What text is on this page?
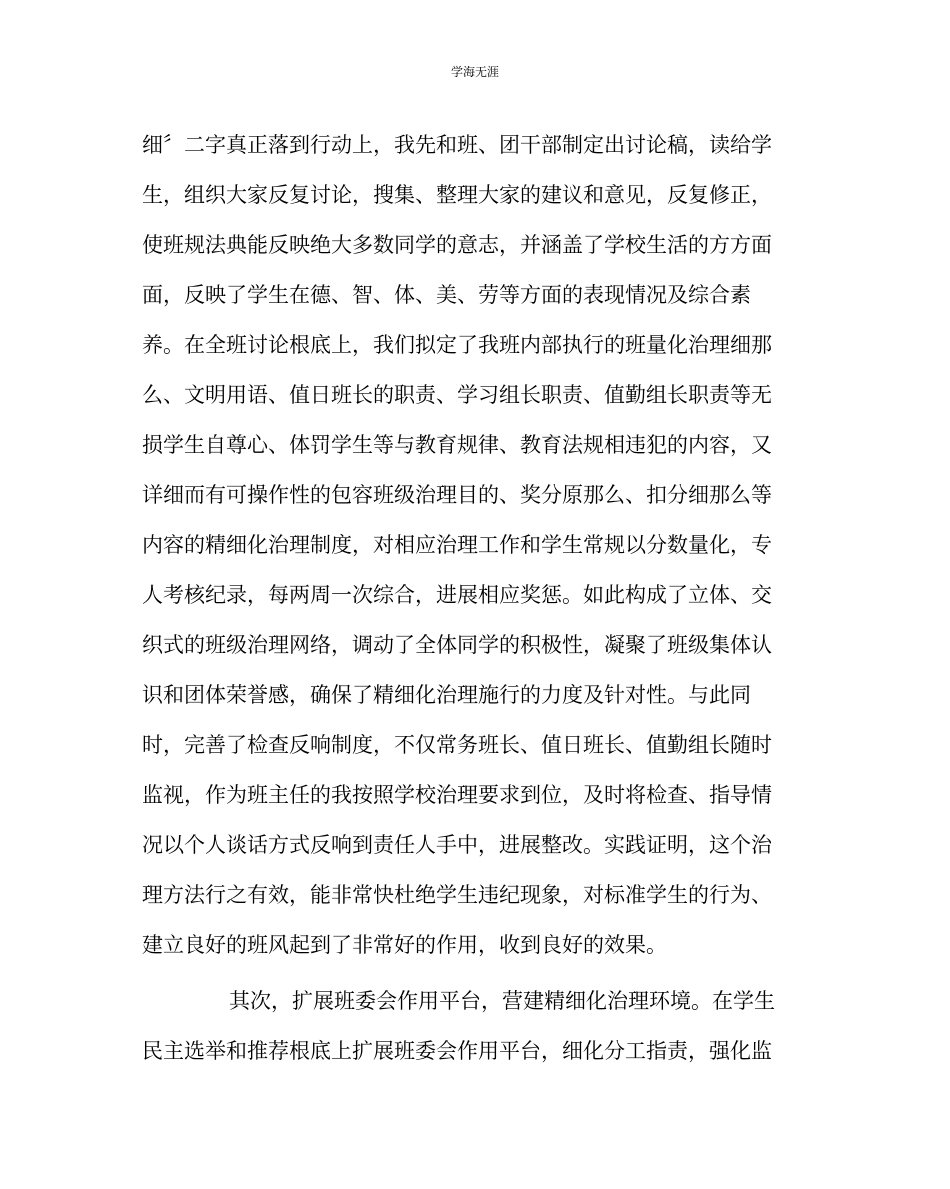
学海无涯
细〞二字真正落到行动上，我先和班、团干部制定出讨论稿，读给学
生，组织大家反复讨论，搜集、整理大家的建议和意见，反复修正，
使班规法典能反映绝大多数同学的意志，并涵盖了学校生活的方方面
面，反映了学生在德、智、体、美、劳等方面的表现情况及综合素
养。在全班讨论根底上，我们拟定了我班内部执行的班量化治理细那
么、文明用语、值日班长的职责、学习组长职责、值勤组长职责等无
损学生自尊心、体罚学生等与教育规律、教育法规相违犯的内容，又
详细而有可操作性的包容班级治理目的、奖分原那么、扣分细那么等
内容的精细化治理制度，对相应治理工作和学生常规以分数量化，专
人考核纪录，每两周一次综合，进展相应奖惩。如此构成了立体、交
织式的班级治理网络，调动了全体同学的积极性，凝聚了班级集体认
识和团体荣誉感，确保了精细化治理施行的力度及针对性。与此同
时，完善了检查反响制度，不仅常务班长、值日班长、值勤组长随时
监视，作为班主任的我按照学校治理要求到位，及时将检查、指导情
况以个人谈话方式反响到责任人手中，进展整改。实践证明，这个治
理方法行之有效，能非常快杜绝学生违纪现象，对标准学生的行为、
建立良好的班风起到了非常好的作用，收到良好的效果。
其次，扩展班委会作用平台，营建精细化治理环境。在学生
民主选举和推荐根底上扩展班委会作用平台，细化分工指责，强化监
